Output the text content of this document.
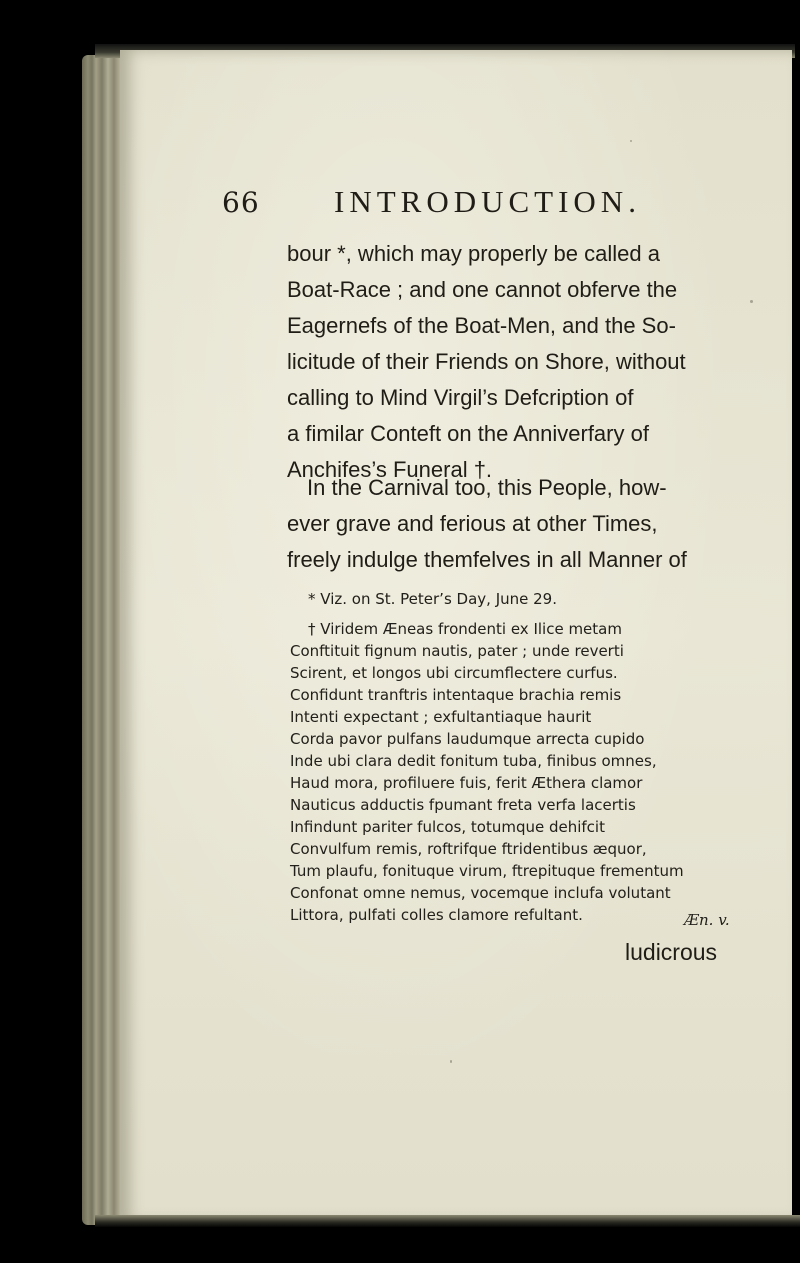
66 INTRODUCTION.

bour *, which may properly be called a
Boat-Race ; and one cannot obferve the
Eagernefs of the Boat-Men, and the So-
licitude of their Friends on Shore, without
calling to Mind Virgil’s Defcription of
a fimilar Conteft on the Anniverfary of
Anchifes’s Funeral †.

In the Carnival too, this People, how-
ever grave and ferious at other Times,
freely indulge themfelves in all Manner of

* Viz. on St. Peter’s Day, June 29.

† Viridem Æneas frondenti ex Ilice metam
Conftituit fignum nautis, pater ; unde reverti
Scirent, et longos ubi circumflectere curfus.
Confidunt tranftris intentaque brachia remis
Intenti expectant ; exfultantiaque haurit
Corda pavor pulfans laudumque arrecta cupido
Inde ubi clara dedit fonitum tuba, finibus omnes,
Haud mora, profiluere fuis, ferit Æthera clamor
Nauticus adductis fpumant freta verfa lacertis
Infindunt pariter fulcos, totumque dehifcit
Convulfum remis, roftrifque ftridentibus æquor,
Tum plaufu, fonituque virum, ftrepituque frementum
Confonat omne nemus, vocemque inclufa volutant
Littora, pulfati colles clamore refultant.	Æn. v.
ludicrous
